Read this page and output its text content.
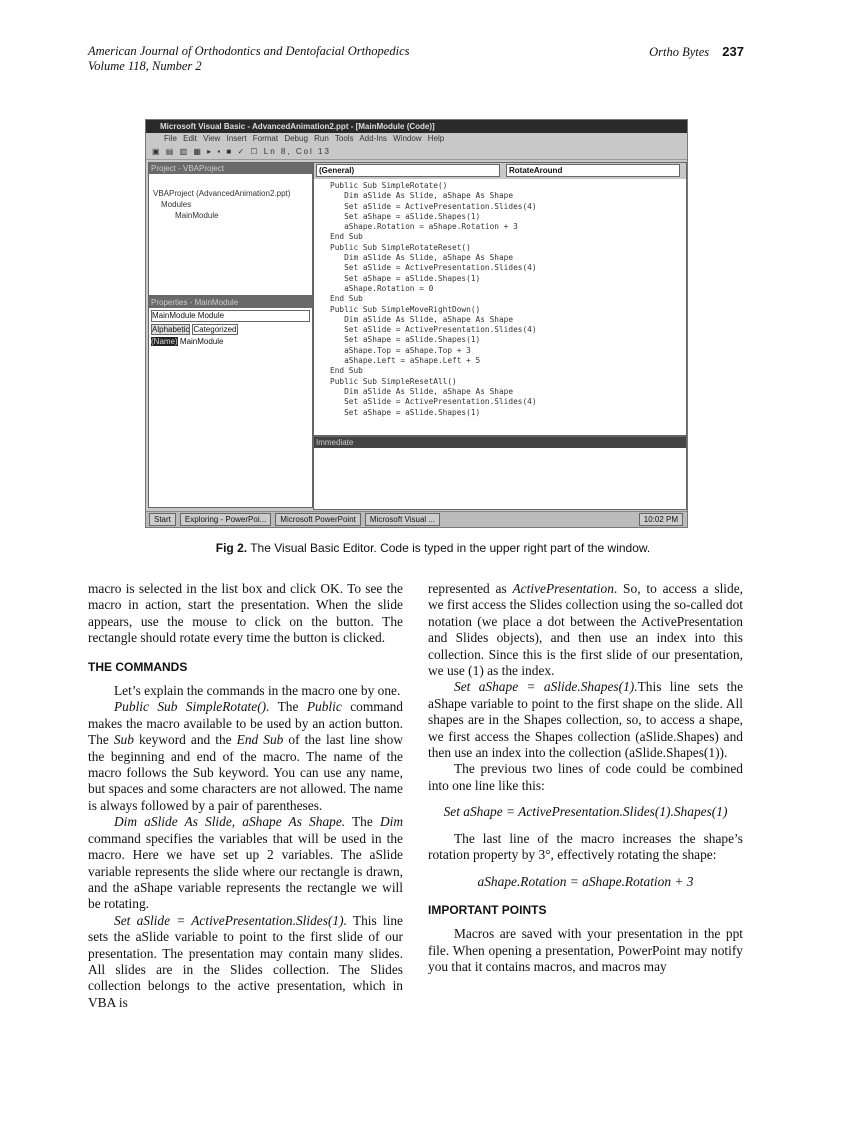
American Journal of Orthodontics and Dentofacial Orthopedics
Volume 118, Number 2
Ortho Bytes 237
Microsoft Visual Basic - AdvancedAnimation2.ppt - [MainModule (Code)]
File Edit View Insert Format Debug Run Tools Add-Ins Window Help
▣ ▤ ▥ ▦ ▸ ▪ ■ ✓ ☐ Ln 8, Col 13
Project - VBAProject
VBAProject (AdvancedAnimation2.ppt)
Modules
MainModule
Properties - MainModule
MainModule Module
Alphabetic Categorized
(Name) MainModule
(General)	RotateAround
Public Sub SimpleRotate()
Dim aSlide As Slide, aShape As Shape
Set aSlide = ActivePresentation.Slides(4)
Set aShape = aSlide.Shapes(1)
aShape.Rotation = aShape.Rotation + 3
End Sub
Public Sub SimpleRotateReset()
Dim aSlide As Slide, aShape As Shape
Set aSlide = ActivePresentation.Slides(4)
Set aShape = aSlide.Shapes(1)
aShape.Rotation = 0
End Sub
Public Sub SimpleMoveRightDown()
Dim aSlide As Slide, aShape As Shape
Set aSlide = ActivePresentation.Slides(4)
Set aShape = aSlide.Shapes(1)
aShape.Top = aShape.Top + 3
aShape.Left = aShape.Left + 5
End Sub
Public Sub SimpleResetAll()
Dim aSlide As Slide, aShape As Shape
Set aSlide = ActivePresentation.Slides(4)
Set aShape = aSlide.Shapes(1)
Immediate
Start	Exploring - PowerPoi...	Microsoft PowerPoint	Microsoft Visual ...	10:02 PM
Fig 2. The Visual Basic Editor. Code is typed in the upper right part of the window.

macro is selected in the list box and click OK. To see the macro in action, start the presentation. When the slide appears, use the mouse to click on the button. The rectangle should rotate every time the button is clicked.

THE COMMANDS

Let’s explain the commands in the macro one by one.

Public Sub SimpleRotate(). The Public command makes the macro available to be used by an action button. The Sub keyword and the End Sub of the last line show the beginning and end of the macro. The name of the macro follows the Sub keyword. You can use any name, but spaces and some characters are not allowed. The name is always followed by a pair of parentheses.

Dim aSlide As Slide, aShape As Shape. The Dim command specifies the variables that will be used in the macro. Here we have set up 2 variables. The aSlide variable represents the slide where our rectangle is drawn, and the aShape variable represents the rectangle we will be rotating.

Set aSlide = ActivePresentation.Slides(1). This line sets the aSlide variable to point to the first slide of our presentation. The presentation may contain many slides. All slides are in the Slides collection. The Slides collection belongs to the active presentation, which in VBA is

represented as ActivePresentation. So, to access a slide, we first access the Slides collection using the so-called dot notation (we place a dot between the ActivePresentation and Slides objects), and then use an index into this collection. Since this is the first slide of our presentation, we use (1) as the index.

Set aShape = aSlide.Shapes(1).This line sets the aShape variable to point to the first shape on the slide. All shapes are in the Shapes collection, so, to access a shape, we first access the Shapes collection (aSlide.Shapes) and then use an index into the collection (aSlide.Shapes(1)).

The previous two lines of code could be combined into one line like this:

Set aShape = ActivePresentation.Slides(1).Shapes(1)

The last line of the macro increases the shape’s rotation property by 3°, effectively rotating the shape:

aShape.Rotation = aShape.Rotation + 3

IMPORTANT POINTS

Macros are saved with your presentation in the ppt file. When opening a presentation, PowerPoint may notify you that it contains macros, and macros may
